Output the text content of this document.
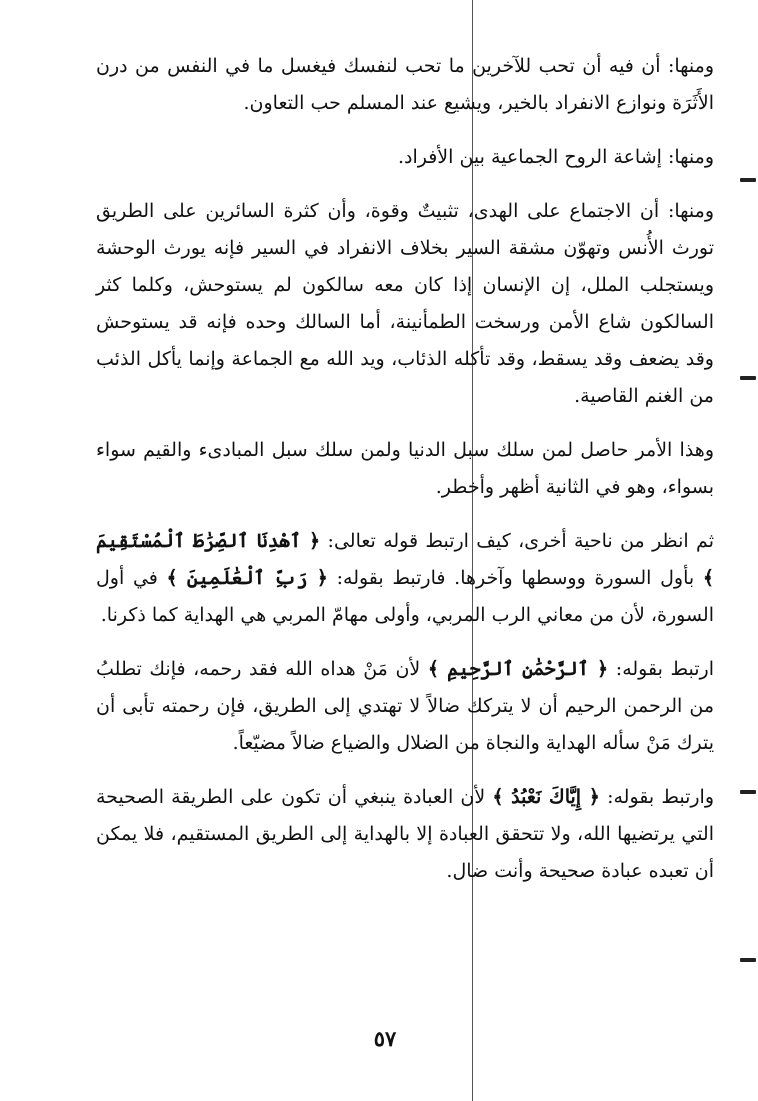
ومنها: أن فيه أن تحب للآخرين ما تحب لنفسك فيغسل ما في النفس من درن الأَثَرَة ونوازع الانفراد بالخير، ويشيع عند المسلم حب التعاون.

ومنها: إشاعة الروح الجماعية بين الأفراد.

ومنها: أن الاجتماع على الهدى، تثبيتٌ وقوة، وأن كثرة السائرين على الطريق تورث الأُنس وتهوّن مشقة السير بخلاف الانفراد في السير فإنه يورث الوحشة ويستجلب الملل، إن الإنسان إذا كان معه سالكون لم يستوحش، وكلما كثر السالكون شاع الأمن ورسخت الطمأنينة، أما السالك وحده فإنه قد يستوحش وقد يضعف وقد يسقط، وقد تأكله الذئاب، ويد الله مع الجماعة وإنما يأكل الذئب من الغنم القاصية.

وهذا الأمر حاصل لمن سلك سبل الدنيا ولمن سلك سبل المبادىء والقيم سواء بسواء، وهو في الثانية أظهر وأخطر.

ثم انظر من ناحية أخرى، كيف ارتبط قوله تعالى: ﴿ ٱهْدِنَا ٱلصِّرَٰطَ ٱلْمُسْتَقِيمَ ﴾ بأول السورة ووسطها وآخرها. فارتبط بقوله: ﴿ رَبِّ ٱلْعَٰلَمِينَ ﴾ في أول السورة، لأن من معاني الرب المربي، وأولى مهامّ المربي هي الهداية كما ذكرنا.

ارتبط بقوله: ﴿ ٱلرَّحْمَٰنِ ٱلرَّحِيمِ ﴾ لأن مَنْ هداه الله فقد رحمه، فإنك تطلبُ من الرحمن الرحيم أن لا يتركك ضالاً لا تهتدي إلى الطريق، فإن رحمته تأبى أن يترك مَنْ سأله الهداية والنجاة من الضلال والضياع ضالاً مضيّعاً.

وارتبط بقوله: ﴿ إِيَّاكَ نَعْبُدُ ﴾ لأن العبادة ينبغي أن تكون على الطريقة الصحيحة التي يرتضيها الله، ولا تتحقق العبادة إلا بالهداية إلى الطريق المستقيم، فلا يمكن أن تعبده عبادة صحيحة وأنت ضال.

٥٧
